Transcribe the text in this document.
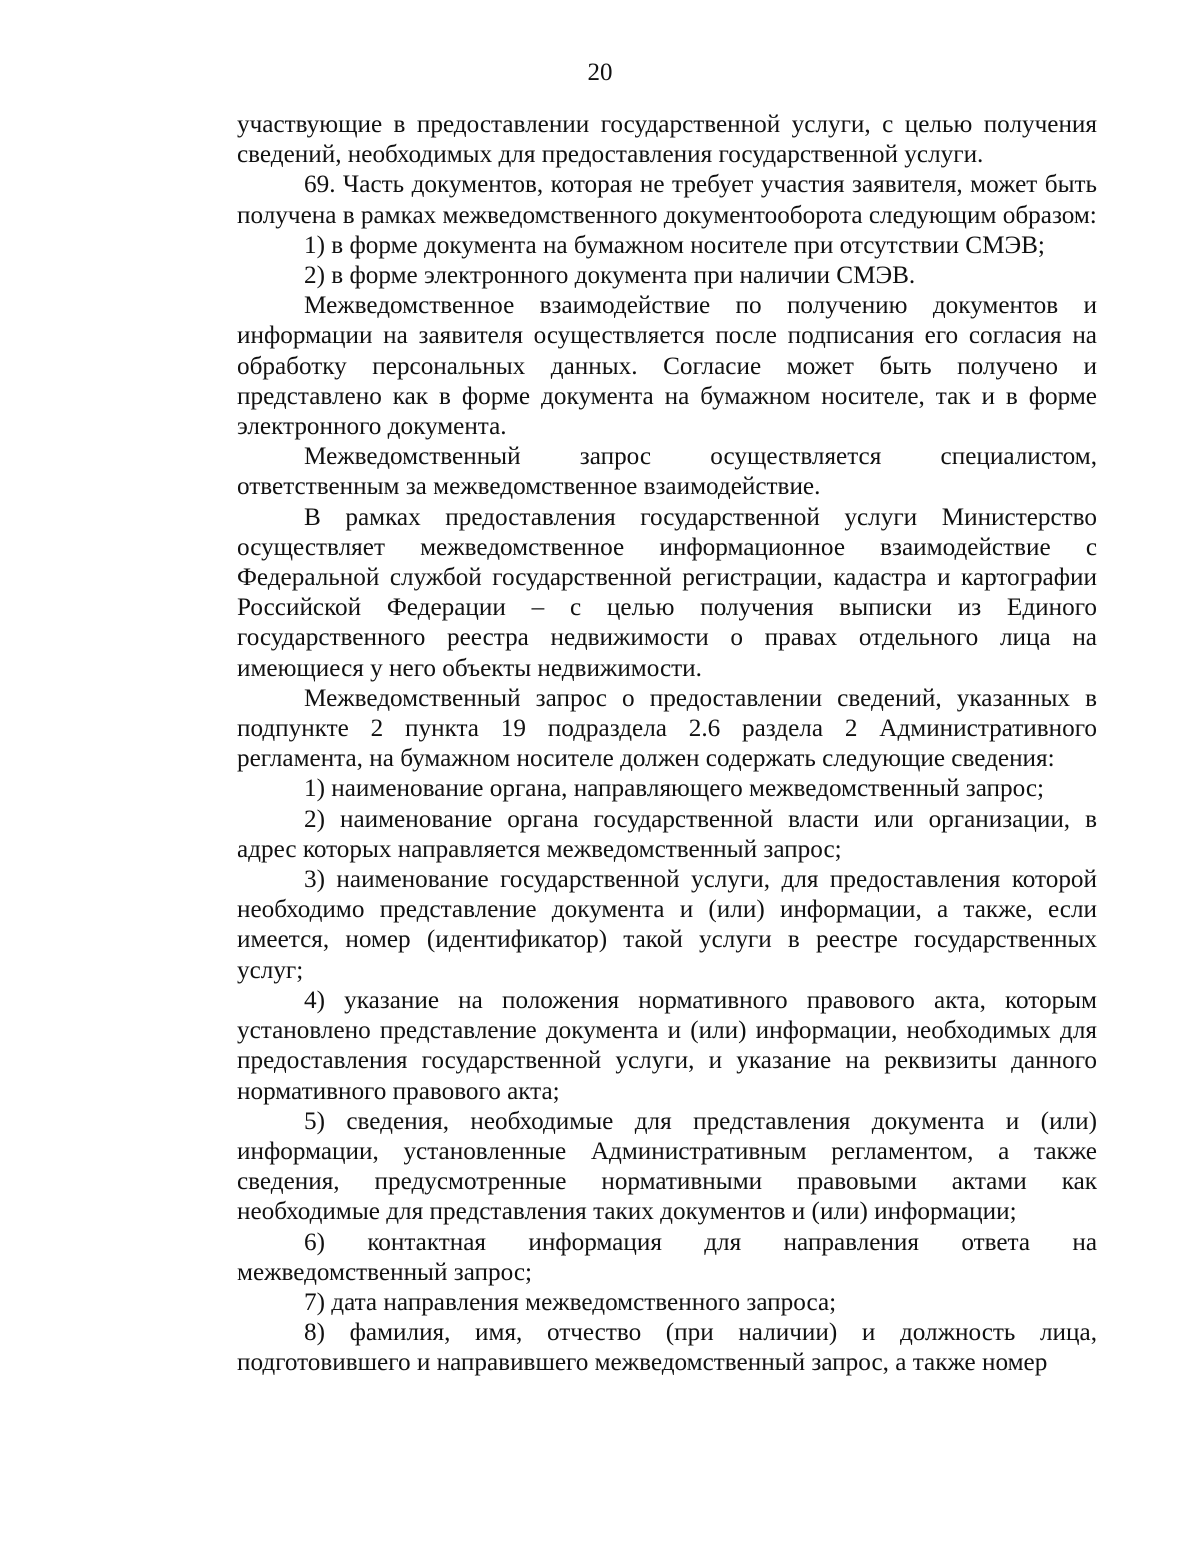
20

участвующие в предоставлении государственной услуги, с целью получения сведений, необходимых для предоставления государственной услуги.

69. Часть документов, которая не требует участия заявителя, может быть получена в рамках межведомственного документооборота следующим образом:

1) в форме документа на бумажном носителе при отсутствии СМЭВ;

2) в форме электронного документа при наличии СМЭВ.

Межведомственное взаимодействие по получению документов и информации на заявителя осуществляется после подписания его согласия на обработку персональных данных. Согласие может быть получено и представлено как в форме документа на бумажном носителе, так и в форме электронного документа.

Межведомственный запрос осуществляется специалистом, ответственным за межведомственное взаимодействие.

В рамках предоставления государственной услуги Министерство осуществляет межведомственное информационное взаимодействие с Федеральной службой государственной регистрации, кадастра и картографии Российской Федерации – с целью получения выписки из Единого государственного реестра недвижимости о правах отдельного лица на имеющиеся у него объекты недвижимости.

Межведомственный запрос о предоставлении сведений, указанных в подпункте 2 пункта 19 подраздела 2.6 раздела 2 Административного регламента, на бумажном носителе должен содержать следующие сведения:

1) наименование органа, направляющего межведомственный запрос;

2) наименование органа государственной власти или организации, в адрес которых направляется межведомственный запрос;

3) наименование государственной услуги, для предоставления которой необходимо представление документа и (или) информации, а также, если имеется, номер (идентификатор) такой услуги в реестре государственных услуг;

4) указание на положения нормативного правового акта, которым установлено представление документа и (или) информации, необходимых для предоставления государственной услуги, и указание на реквизиты данного нормативного правового акта;

5) сведения, необходимые для представления документа и (или) информации, установленные Административным регламентом, а также сведения, предусмотренные нормативными правовыми актами как необходимые для представления таких документов и (или) информации;

6) контактная информация для направления ответа на межведомственный запрос;

7) дата направления межведомственного запроса;

8) фамилия, имя, отчество (при наличии) и должность лица, подготовившего и направившего межведомственный запрос, а также номер
